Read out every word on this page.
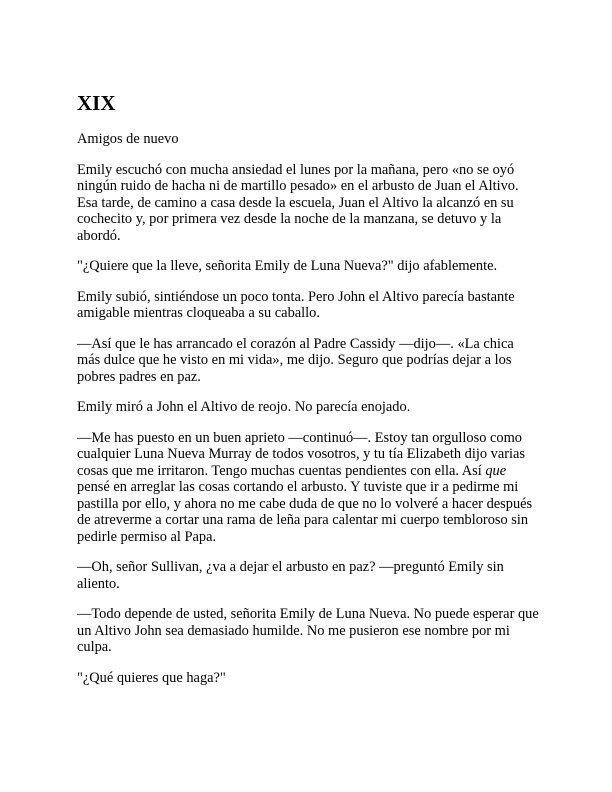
XIX

Amigos de nuevo

Emily escuchó con mucha ansiedad el lunes por la mañana, pero «no se oyó ningún ruido de hacha ni de martillo pesado» en el arbusto de Juan el Altivo. Esa tarde, de camino a casa desde la escuela, Juan el Altivo la alcanzó en su cochecito y, por primera vez desde la noche de la manzana, se detuvo y la abordó.

"¿Quiere que la lleve, señorita Emily de Luna Nueva?" dijo afablemente.

Emily subió, sintiéndose un poco tonta. Pero John el Altivo parecía bastante amigable mientras cloqueaba a su caballo.

—Así que le has arrancado el corazón al Padre Cassidy —dijo—. «La chica más dulce que he visto en mi vida», me dijo. Seguro que podrías dejar a los pobres padres en paz.

Emily miró a John el Altivo de reojo. No parecía enojado.

—Me has puesto en un buen aprieto —continuó—. Estoy tan orgulloso como cualquier Luna Nueva Murray de todos vosotros, y tu tía Elizabeth dijo varias cosas que me irritaron. Tengo muchas cuentas pendientes con ella. Así que pensé en arreglar las cosas cortando el arbusto. Y tuviste que ir a pedirme mi pastilla por ello, y ahora no me cabe duda de que no lo volveré a hacer después de atreverme a cortar una rama de leña para calentar mi cuerpo tembloroso sin pedirle permiso al Papa.

—Oh, señor Sullivan, ¿va a dejar el arbusto en paz? —preguntó Emily sin aliento.

—Todo depende de usted, señorita Emily de Luna Nueva. No puede esperar que un Altivo John sea demasiado humilde. No me pusieron ese nombre por mi culpa.

"¿Qué quieres que haga?"
